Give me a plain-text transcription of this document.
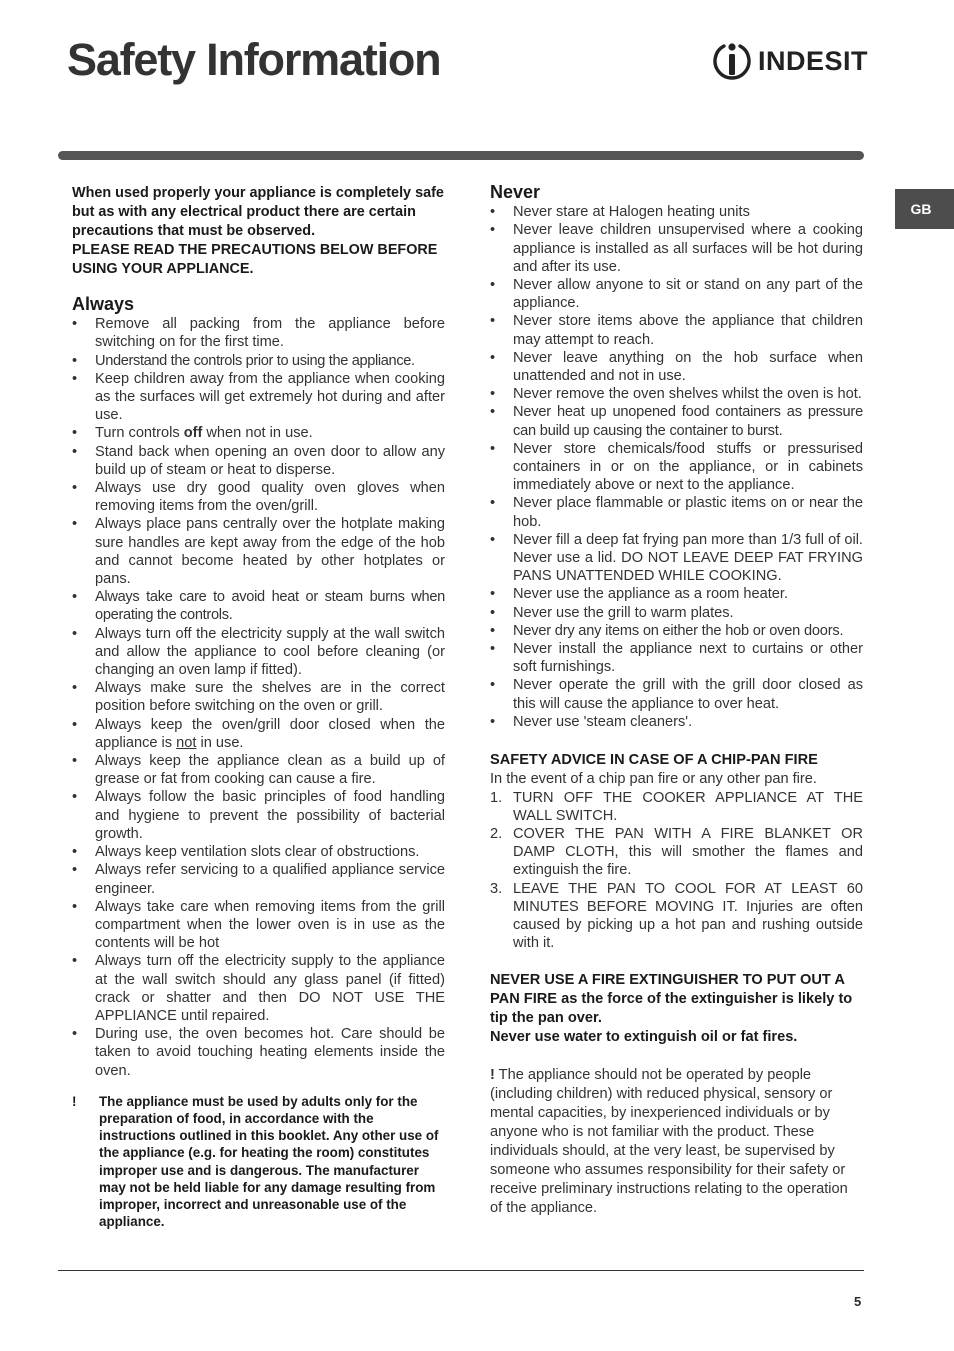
Safety Information	INDESIT
GB

When used properly your appliance is completely safe but as with any electrical product there are certain precautions that must be observed.

PLEASE READ THE PRECAUTIONS BELOW BEFORE USING YOUR APPLIANCE.

Always
• Remove all packing from the appliance before switching on for the first time.
• Understand the controls prior to using the appliance.
• Keep children away from the appliance when cooking as the surfaces will get extremely hot during and after use.
• Turn controls off when not in use.
• Stand back when opening an oven door to allow any build up of steam or heat to disperse.
• Always use dry good quality oven gloves when removing items from the oven/grill.
• Always place pans centrally over the hotplate making sure handles are kept away from the edge of the hob and cannot become heated by other hotplates or pans.
• Always take care to avoid heat or steam burns when operating the controls.
• Always turn off the electricity supply at the wall switch and allow the appliance to cool before cleaning (or changing an oven lamp if fitted).
• Always make sure the shelves are in the correct position before switching on the oven or grill.
• Always keep the oven/grill door closed when the appliance is not in use.
• Always keep the appliance clean as a build up of grease or fat from cooking can cause a fire.
• Always follow the basic principles of food handling and hygiene to prevent the possibility of bacterial growth.
• Always keep ventilation slots clear of obstructions.
• Always refer servicing to a qualified appliance service engineer.
• Always take care when removing items from the grill compartment when the lower oven is in use as the contents will be hot
• Always turn off the electricity supply to the appliance at the wall switch should any glass panel (if fitted) crack or shatter and then DO NOT USE THE APPLIANCE until repaired.
• During use, the oven becomes hot. Care should be taken to avoid touching heating elements inside the oven.
!	The appliance must be used by adults only for the preparation of food, in accordance with the instructions outlined in this booklet. Any other use of the appliance (e.g. for heating the room) constitutes improper use and is dangerous. The manufacturer may not be held liable for any damage resulting from improper, incorrect and unreasonable use of the appliance.
Never
• Never stare at Halogen heating units
• Never leave children unsupervised where a cooking appliance is installed as all surfaces will be hot during and after its use.
• Never allow anyone to sit or stand on any part of the appliance.
• Never store items above the appliance that children may attempt to reach.
• Never leave anything on the hob surface when unattended and not in use.
• Never remove the oven shelves whilst the oven is hot.
• Never heat up unopened food containers as pressure can build up causing the container to burst.
• Never store chemicals/food stuffs or pressurised containers in or on the appliance, or in cabinets immediately above or next to the appliance.
• Never place flammable or plastic items on or near the hob.
• Never fill a deep fat frying pan more than 1/3 full of oil. Never use a lid. DO NOT LEAVE DEEP FAT FRYING PANS UNATTENDED WHILE COOKING.
• Never use the appliance as a room heater.
• Never use the grill to warm plates.
• Never dry any items on either the hob or oven doors.
• Never install the appliance next to curtains or other soft furnishings.
• Never operate the grill with the grill door closed as this will cause the appliance to over heat.
• Never use 'steam cleaners'.
SAFETY ADVICE IN CASE OF A CHIP-PAN FIRE

In the event of a chip pan fire or any other pan fire.

1. TURN OFF THE COOKER APPLIANCE AT THE WALL SWITCH.
2. COVER THE PAN WITH A FIRE BLANKET OR DAMP CLOTH, this will smother the flames and extinguish the fire.
3. LEAVE THE PAN TO COOL FOR AT LEAST 60 MINUTES BEFORE MOVING IT. Injuries are often caused by picking up a hot pan and rushing outside with it.

NEVER USE A FIRE EXTINGUISHER TO PUT OUT A PAN FIRE as the force of the extinguisher is likely to tip the pan over.

Never use water to extinguish oil or fat fires.

! The appliance should not be operated by people (including children) with reduced physical, sensory or mental capacities, by inexperienced individuals or by anyone who is not familiar with the product. These individuals should, at the very least, be supervised by someone who assumes responsibility for their safety or receive preliminary instructions relating to the operation of the appliance.

5
